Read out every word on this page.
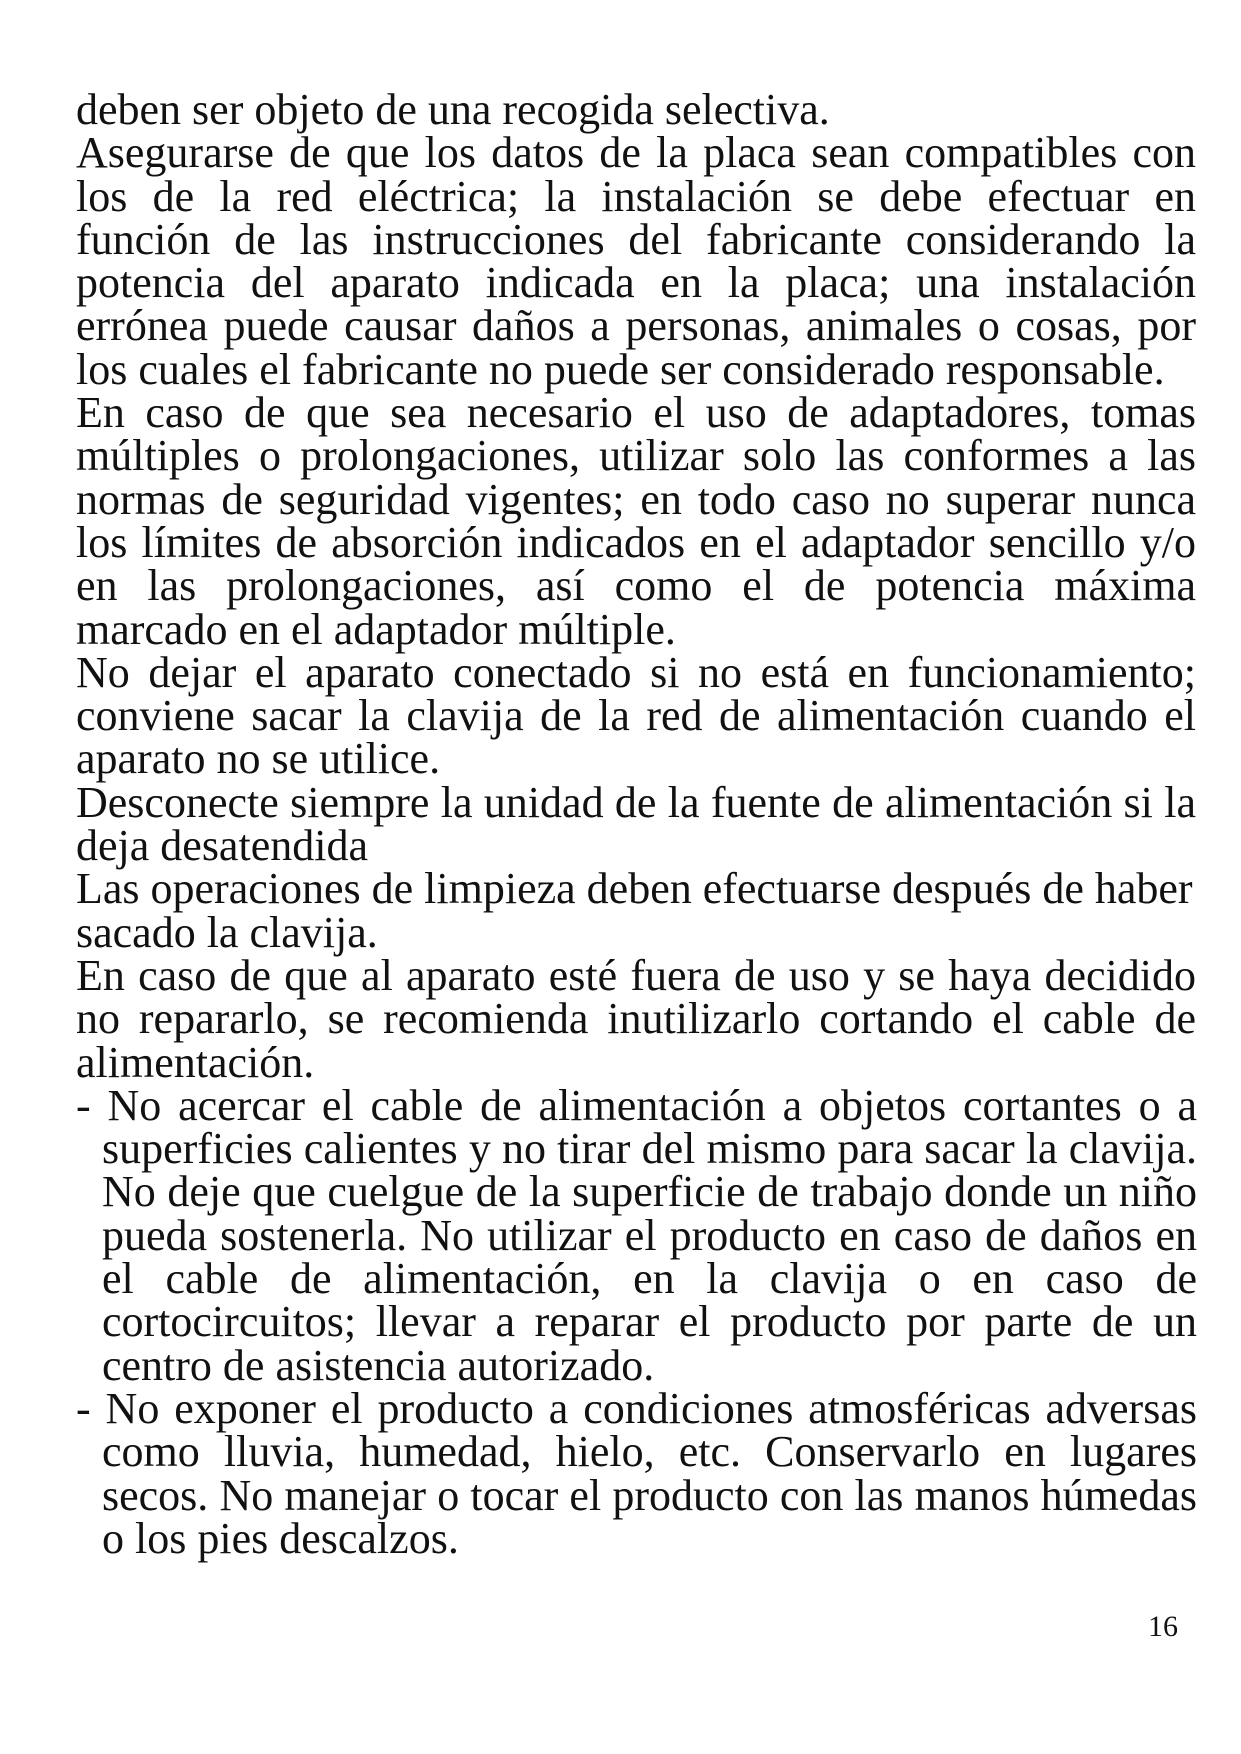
deben ser objeto de una recogida selectiva.

Asegurarse de que los datos de la placa sean compatibles con los de la red eléctrica; la instalación se debe efectuar en función de las instrucciones del fabricante considerando la potencia del aparato indicada en la placa; una instalación errónea puede causar daños a personas, animales o cosas, por los cuales el fabricante no puede ser considerado responsable.

En caso de que sea necesario el uso de adaptadores, tomas múltiples o prolongaciones, utilizar solo las conformes a las normas de seguridad vigentes; en todo caso no superar nunca los límites de absorción indicados en el adaptador sencillo y/o en las prolongaciones, así como el de potencia máxima marcado en el adaptador múltiple.

No dejar el aparato conectado si no está en funcionamiento; conviene sacar la clavija de la red de alimentación cuando el aparato no se utilice.

Desconecte siempre la unidad de la fuente de alimentación si la deja desatendida

Las operaciones de limpieza deben efectuarse después de haber sacado la clavija.

En caso de que al aparato esté fuera de uso y se haya decidido no repararlo, se recomienda inutilizarlo cortando el cable de alimentación.

- No acercar el cable de alimentación a objetos cortantes o a superficies calientes y no tirar del mismo para sacar la clavija. No deje que cuelgue de la superficie de trabajo donde un niño pueda sostenerla. No utilizar el producto en caso de daños en el cable de alimentación, en la clavija o en caso de cortocircuitos; llevar a reparar el producto por parte de un centro de asistencia autorizado.

- No exponer el producto a condiciones atmosféricas adversas como lluvia, humedad, hielo, etc. Conservarlo en lugares secos. No manejar o tocar el producto con las manos húmedas o los pies descalzos.

16
